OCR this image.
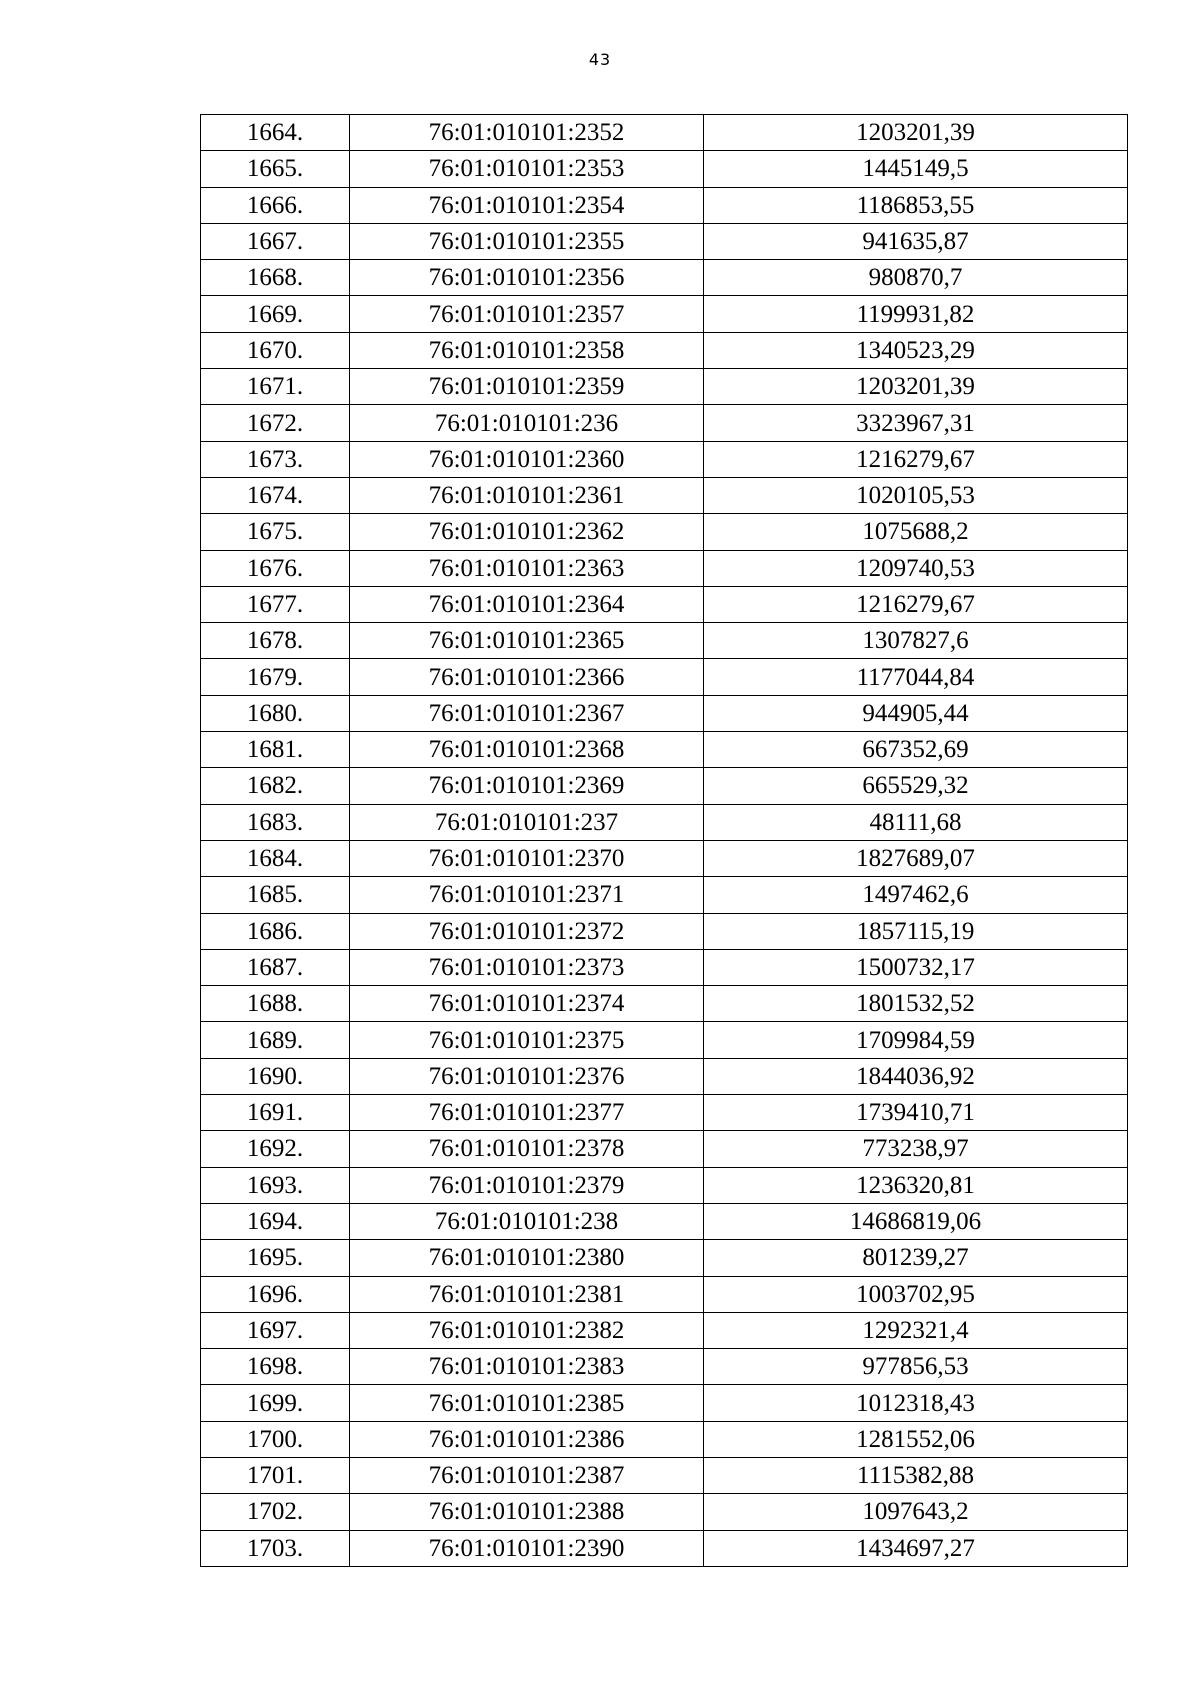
43
1664.	76:01:010101:2352	1203201,39
1665.	76:01:010101:2353	1445149,5
1666.	76:01:010101:2354	1186853,55
1667.	76:01:010101:2355	941635,87
1668.	76:01:010101:2356	980870,7
1669.	76:01:010101:2357	1199931,82
1670.	76:01:010101:2358	1340523,29
1671.	76:01:010101:2359	1203201,39
1672.	76:01:010101:236	3323967,31
1673.	76:01:010101:2360	1216279,67
1674.	76:01:010101:2361	1020105,53
1675.	76:01:010101:2362	1075688,2
1676.	76:01:010101:2363	1209740,53
1677.	76:01:010101:2364	1216279,67
1678.	76:01:010101:2365	1307827,6
1679.	76:01:010101:2366	1177044,84
1680.	76:01:010101:2367	944905,44
1681.	76:01:010101:2368	667352,69
1682.	76:01:010101:2369	665529,32
1683.	76:01:010101:237	48111,68
1684.	76:01:010101:2370	1827689,07
1685.	76:01:010101:2371	1497462,6
1686.	76:01:010101:2372	1857115,19
1687.	76:01:010101:2373	1500732,17
1688.	76:01:010101:2374	1801532,52
1689.	76:01:010101:2375	1709984,59
1690.	76:01:010101:2376	1844036,92
1691.	76:01:010101:2377	1739410,71
1692.	76:01:010101:2378	773238,97
1693.	76:01:010101:2379	1236320,81
1694.	76:01:010101:238	14686819,06
1695.	76:01:010101:2380	801239,27
1696.	76:01:010101:2381	1003702,95
1697.	76:01:010101:2382	1292321,4
1698.	76:01:010101:2383	977856,53
1699.	76:01:010101:2385	1012318,43
1700.	76:01:010101:2386	1281552,06
1701.	76:01:010101:2387	1115382,88
1702.	76:01:010101:2388	1097643,2
1703.	76:01:010101:2390	1434697,27
